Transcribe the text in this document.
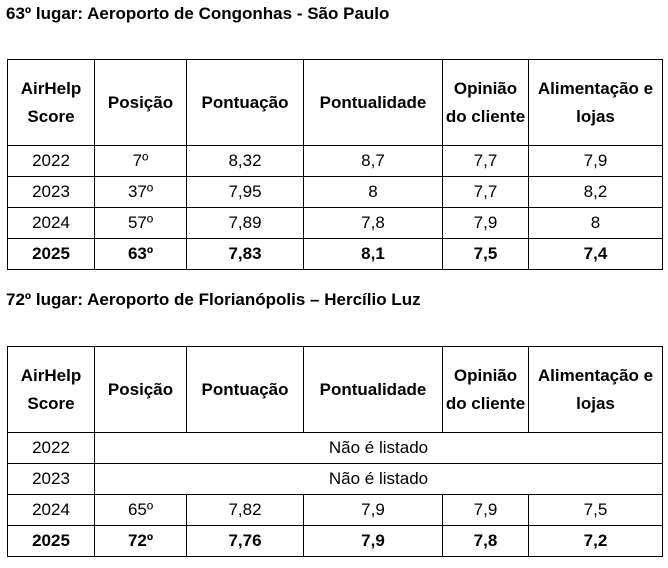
63º lugar: Aeroporto de Congonhas - São Paulo
AirHelp Score	Posição	Pontuação	Pontualidade	Opinião do cliente	Alimentação e lojas
2022	7º	8,32	8,7	7,7	7,9
2023	37º	7,95	8	7,7	8,2
2024	57º	7,89	7,8	7,9	8
2025	63º	7,83	8,1	7,5	7,4
72º lugar: Aeroporto de Florianópolis – Hercílio Luz
AirHelp Score	Posição	Pontuação	Pontualidade	Opinião do cliente	Alimentação e lojas
2022	Não é listado				
2023	Não é listado				
2024	65º	7,82	7,9	7,9	7,5
2025	72º	7,76	7,9	7,8	7,2
